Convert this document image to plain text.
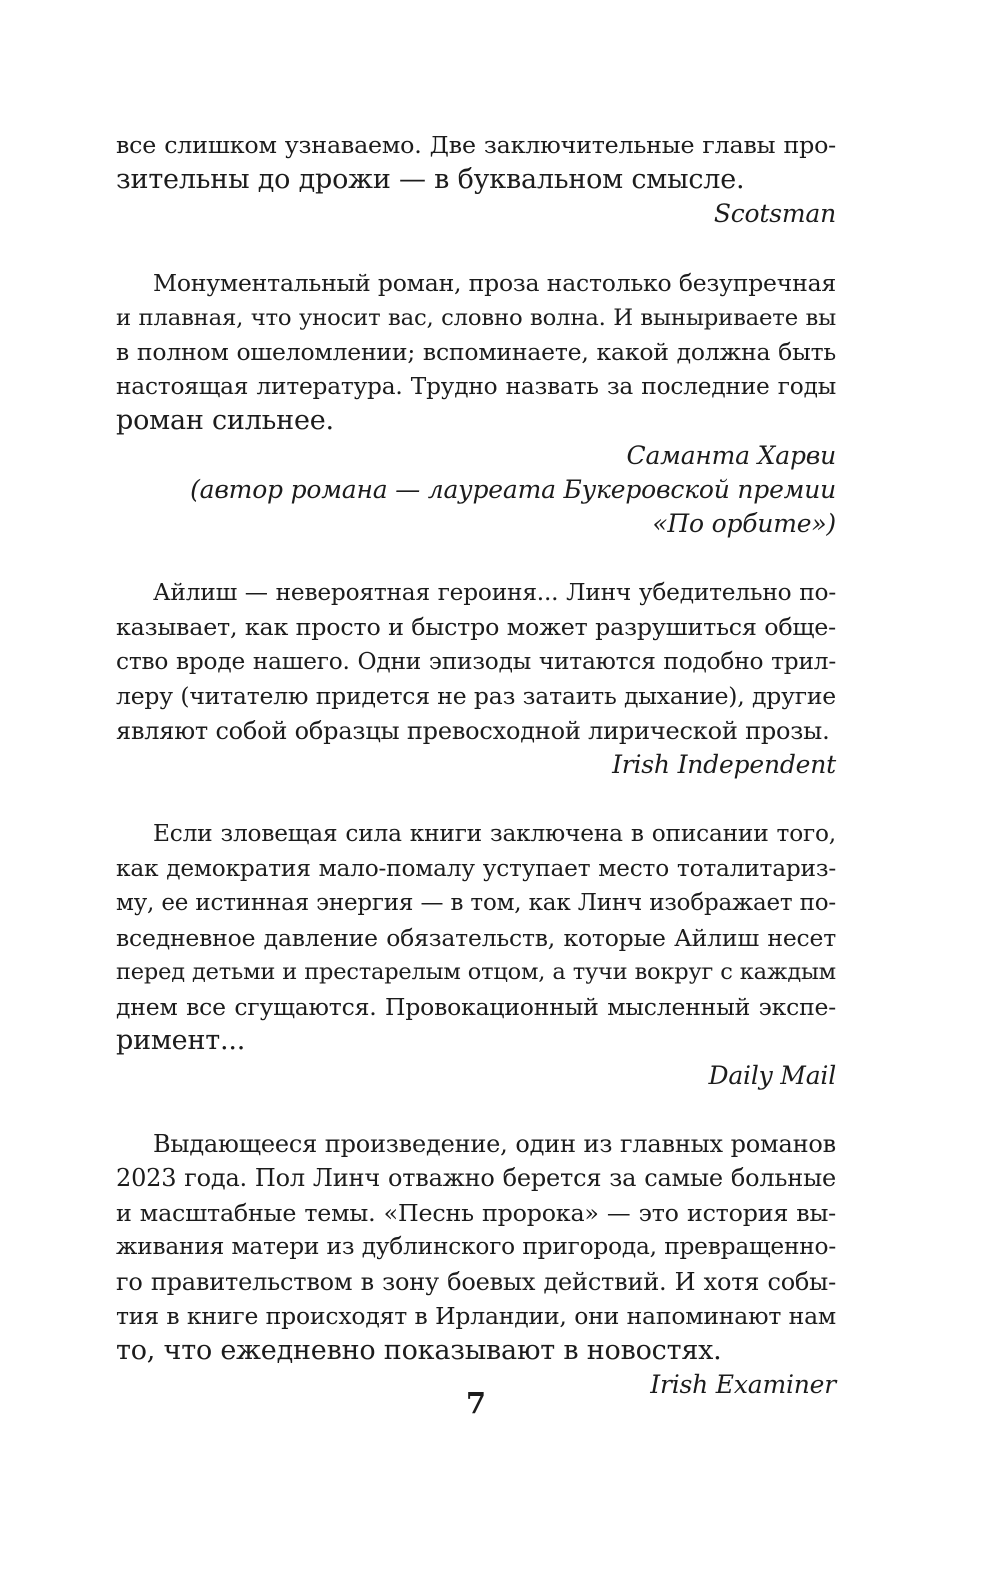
все слишком узнаваемо. Две заключительные главы про-
зительны до дрожи — в буквальном смысле.
Scotsman
Монументальный роман, проза настолько безупречная
и плавная, что уносит вас, словно волна. И выныриваете вы
в полном ошеломлении; вспоминаете, какой должна быть
настоящая литература. Трудно назвать за последние годы
роман сильнее.
Саманта Харви
(автор романа — лауреата Букеровской премии
«По орбите»)
Айлиш — невероятная героиня... Линч убедительно по-
казывает, как просто и быстро может разрушиться обще-
ство вроде нашего. Одни эпизоды читаются подобно трил-
леру (читателю придется не раз затаить дыхание), другие
являют собой образцы превосходной лирической прозы.
Irish Independent
Если зловещая сила книги заключена в описании того,
как демократия мало-помалу уступает место тоталитариз-
му, ее истинная энергия — в том, как Линч изображает по-
вседневное давление обязательств, которые Айлиш несет
перед детьми и престарелым отцом, а тучи вокруг с каждым
днем все сгущаются. Провокационный мысленный экспе-
римент...
Daily Mail
Выдающееся произведение, один из главных романов
2023 года. Пол Линч отважно берется за самые больные
и масштабные темы. «Песнь пророка» — это история вы-
живания матери из дублинского пригорода, превращенно-
го правительством в зону боевых действий. И хотя собы-
тия в книге происходят в Ирландии, они напоминают нам
то, что ежедневно показывают в новостях.
Irish Examiner
7
